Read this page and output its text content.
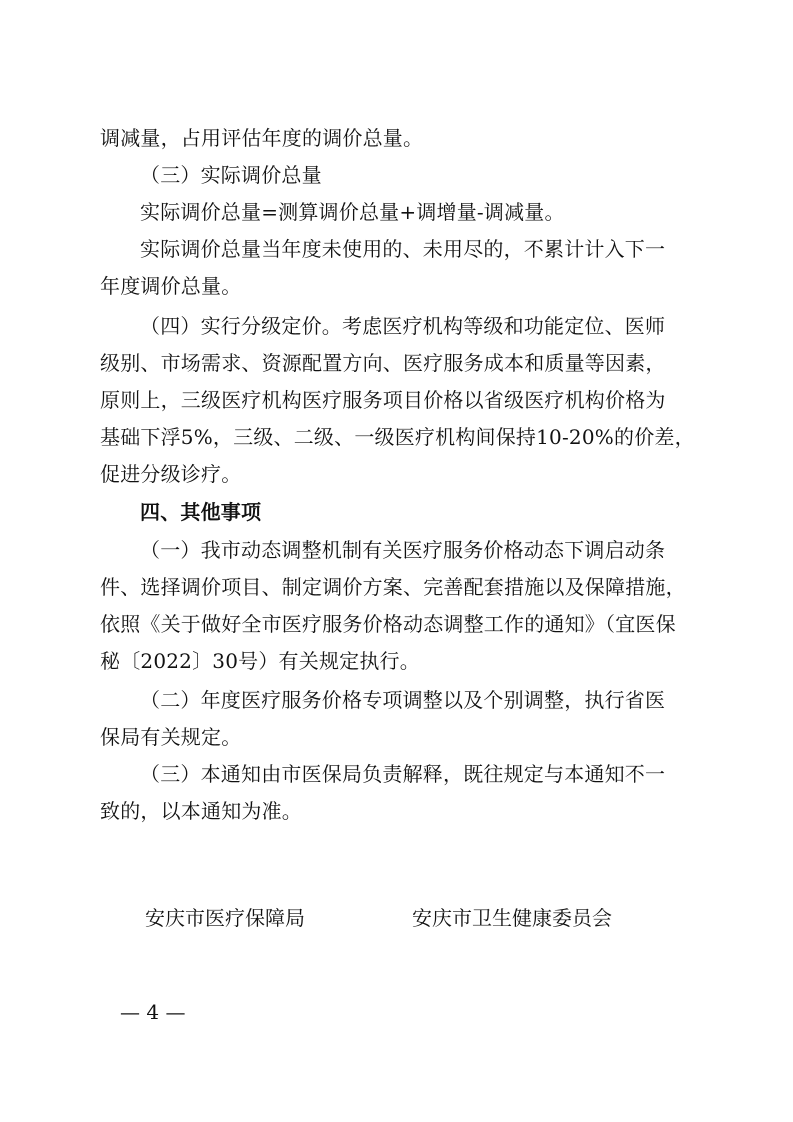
调减量，占用评估年度的调价总量。
（三）实际调价总量
实际调价总量=测算调价总量+调增量-调减量。
实际调价总量当年度未使用的、未用尽的，不累计计入下一
年度调价总量。
（四）实行分级定价。考虑医疗机构等级和功能定位、医师
级别、市场需求、资源配置方向、医疗服务成本和质量等因素，
原则上，三级医疗机构医疗服务项目价格以省级医疗机构价格为
基础下浮5%，三级、二级、一级医疗机构间保持10-20%的价差，
促进分级诊疗。
四、其他事项
（一）我市动态调整机制有关医疗服务价格动态下调启动条
件、选择调价项目、制定调价方案、完善配套措施以及保障措施，
依照《关于做好全市医疗服务价格动态调整工作的通知》（宜医保
秘〔2022〕30号）有关规定执行。
（二）年度医疗服务价格专项调整以及个别调整，执行省医
保局有关规定。
（三）本通知由市医保局负责解释，既往规定与本通知不一
致的，以本通知为准。
安庆市医疗保障局	安庆市卫生健康委员会
— 4 —
